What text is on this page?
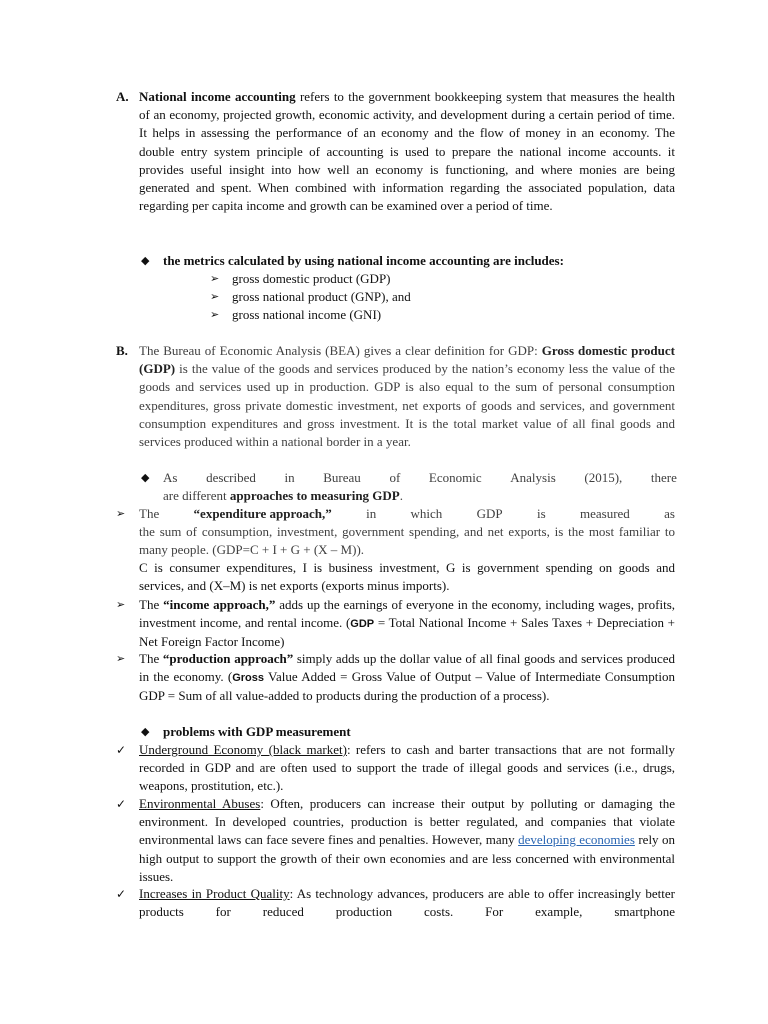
A. National income accounting refers to the government bookkeeping system that measures the health of an economy, projected growth, economic activity, and development during a certain period of time. It helps in assessing the performance of an economy and the flow of money in an economy. The double entry system principle of accounting is used to prepare the national income accounts. it provides useful insight into how well an economy is functioning, and where monies are being generated and spent. When combined with information regarding the associated population, data regarding per capita income and growth can be examined over a period of time.
◆ the metrics calculated by using national income accounting are includes:
➢ gross domestic product (GDP)
➢ gross national product (GNP), and
➢ gross national income (GNI)
B. The Bureau of Economic Analysis (BEA) gives a clear definition for GDP: Gross domestic product (GDP) is the value of the goods and services produced by the nation’s economy less the value of the goods and services used up in production. GDP is also equal to the sum of personal consumption expenditures, gross private domestic investment, net exports of goods and services, and government consumption expenditures and gross investment. It is the total market value of all final goods and services produced within a national border in a year.
◆ As described in Bureau of Economic Analysis (2015), there
are different approaches to measuring GDP.
➢ The	“expenditure approach,”	in	which	GDP	is	measured	as
the sum of consumption, investment, government spending, and net exports, is the most familiar to many people. (GDP=C + I + G + (X – M)).
C is consumer expenditures, I is business investment, G is government spending on goods and services, and (X–M) is net exports (exports minus imports).
➢ The “income approach,” adds up the earnings of everyone in the economy, including wages, profits, investment income, and rental income. (GDP = Total National Income + Sales Taxes + Depreciation + Net Foreign Factor Income)
➢ The “production approach” simply adds up the dollar value of all final goods and services produced in the economy. (Gross Value Added = Gross Value of Output – Value of Intermediate Consumption GDP = Sum of all value-added to products during the production of a process).
◆ problems with GDP measurement
✓ Underground Economy (black market): refers to cash and barter transactions that are not formally recorded in GDP and are often used to support the trade of illegal goods and services (i.e., drugs, weapons, prostitution, etc.).
✓ Environmental Abuses: Often, producers can increase their output by polluting or damaging the environment. In developed countries, production is better regulated, and companies that violate environmental laws can face severe fines and penalties. However, many developing economies rely on high output to support the growth of their own economies and are less concerned with environmental issues.
✓ Increases in Product Quality: As technology advances, producers are able to offer increasingly better products for reduced production costs. For example, smartphone
